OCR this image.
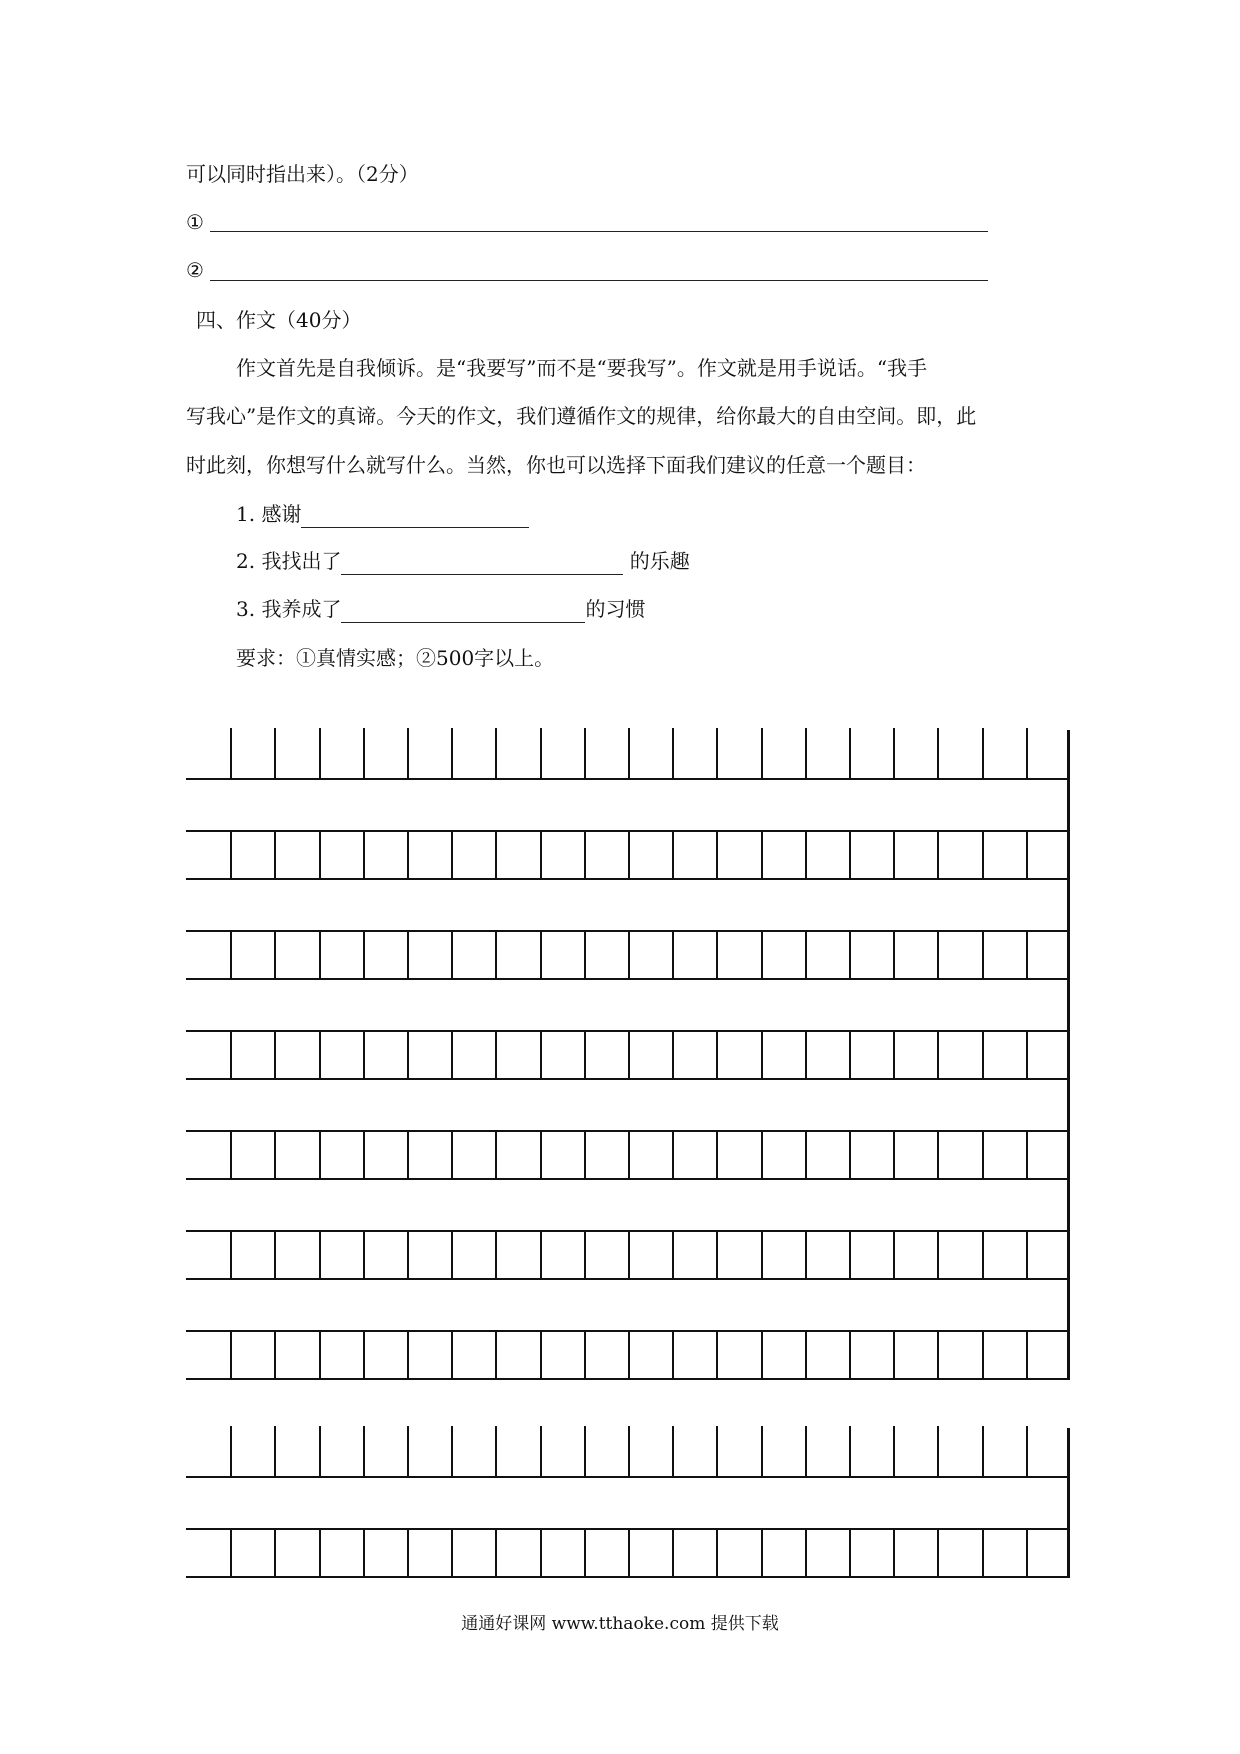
可以同时指出来）。（2分）
①
②
四、作文（40分）
作文首先是自我倾诉。是“我要写”而不是“要我写”。作文就是用手说话。“我手
写我心”是作文的真谛。今天的作文，我们遵循作文的规律，给你最大的自由空间。即，此
时此刻，你想写什么就写什么。当然，你也可以选择下面我们建议的任意一个题目：
1. 感谢
2. 我找出了	的乐趣
3. 我养成了	的习惯
要求：①真情实感；②500字以上。
通通好课网 www.tthaoke.com 提供下载
